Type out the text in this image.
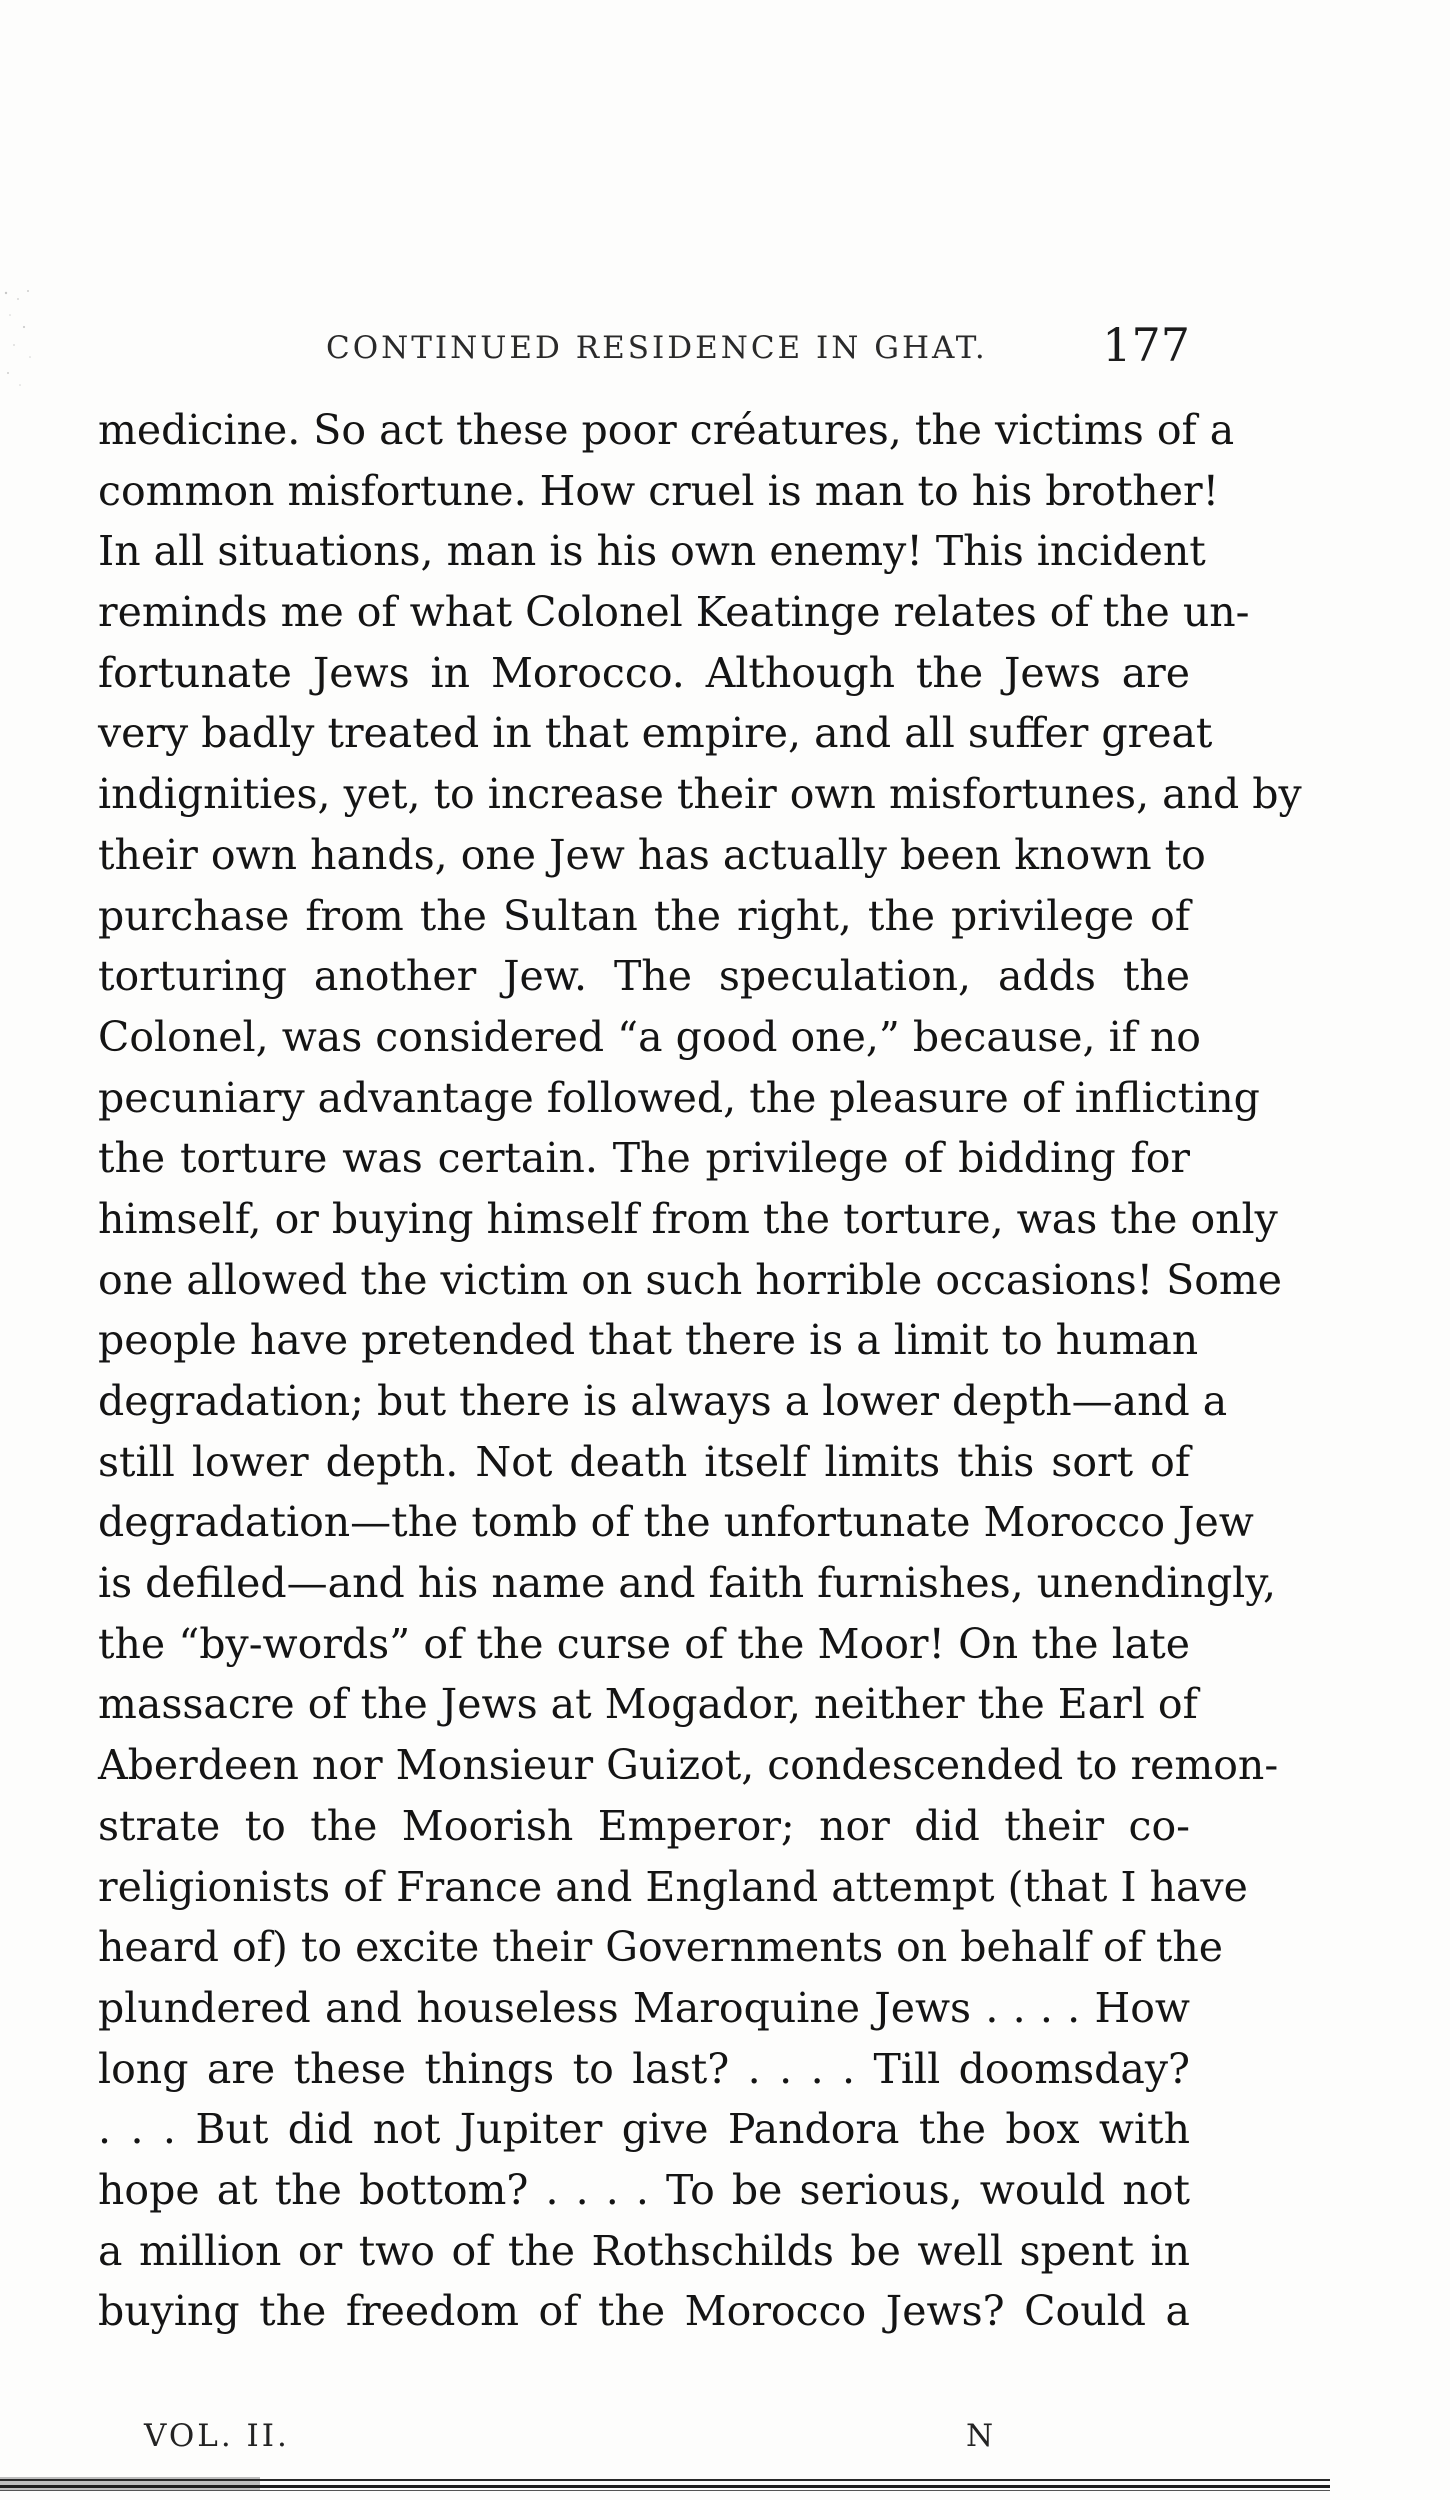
CONTINUED RESIDENCE IN GHAT. 177
medicine. So act these poor créatures, the victims of a
common misfortune. How cruel is man to his brother!
In all situations, man is his own enemy! This incident
reminds me of what Colonel Keatinge relates of the un-
fortunate Jews in Morocco. Although the Jews are
very badly treated in that empire, and all suffer great
indignities, yet, to increase their own misfortunes, and by
their own hands, one Jew has actually been known to
purchase from the Sultan the right, the privilege of
torturing another Jew. The speculation, adds the
Colonel, was considered “a good one,” because, if no
pecuniary advantage followed, the pleasure of inflicting
the torture was certain. The privilege of bidding for
himself, or buying himself from the torture, was the only
one allowed the victim on such horrible occasions! Some
people have pretended that there is a limit to human
degradation; but there is always a lower depth—and a
still lower depth. Not death itself limits this sort of
degradation—the tomb of the unfortunate Morocco Jew
is defiled—and his name and faith furnishes, unendingly,
the “by-words” of the curse of the Moor! On the late
massacre of the Jews at Mogador, neither the Earl of
Aberdeen nor Monsieur Guizot, condescended to remon-
strate to the Moorish Emperor; nor did their co-
religionists of France and England attempt (that I have
heard of) to excite their Governments on behalf of the
plundered and houseless Maroquine Jews . . . . How
long are these things to last? . . . . Till doomsday?
. . . But did not Jupiter give Pandora the box with
hope at the bottom? . . . . To be serious, would not
a million or two of the Rothschilds be well spent in
buying the freedom of the Morocco Jews? Could a
VOL. II.	N
